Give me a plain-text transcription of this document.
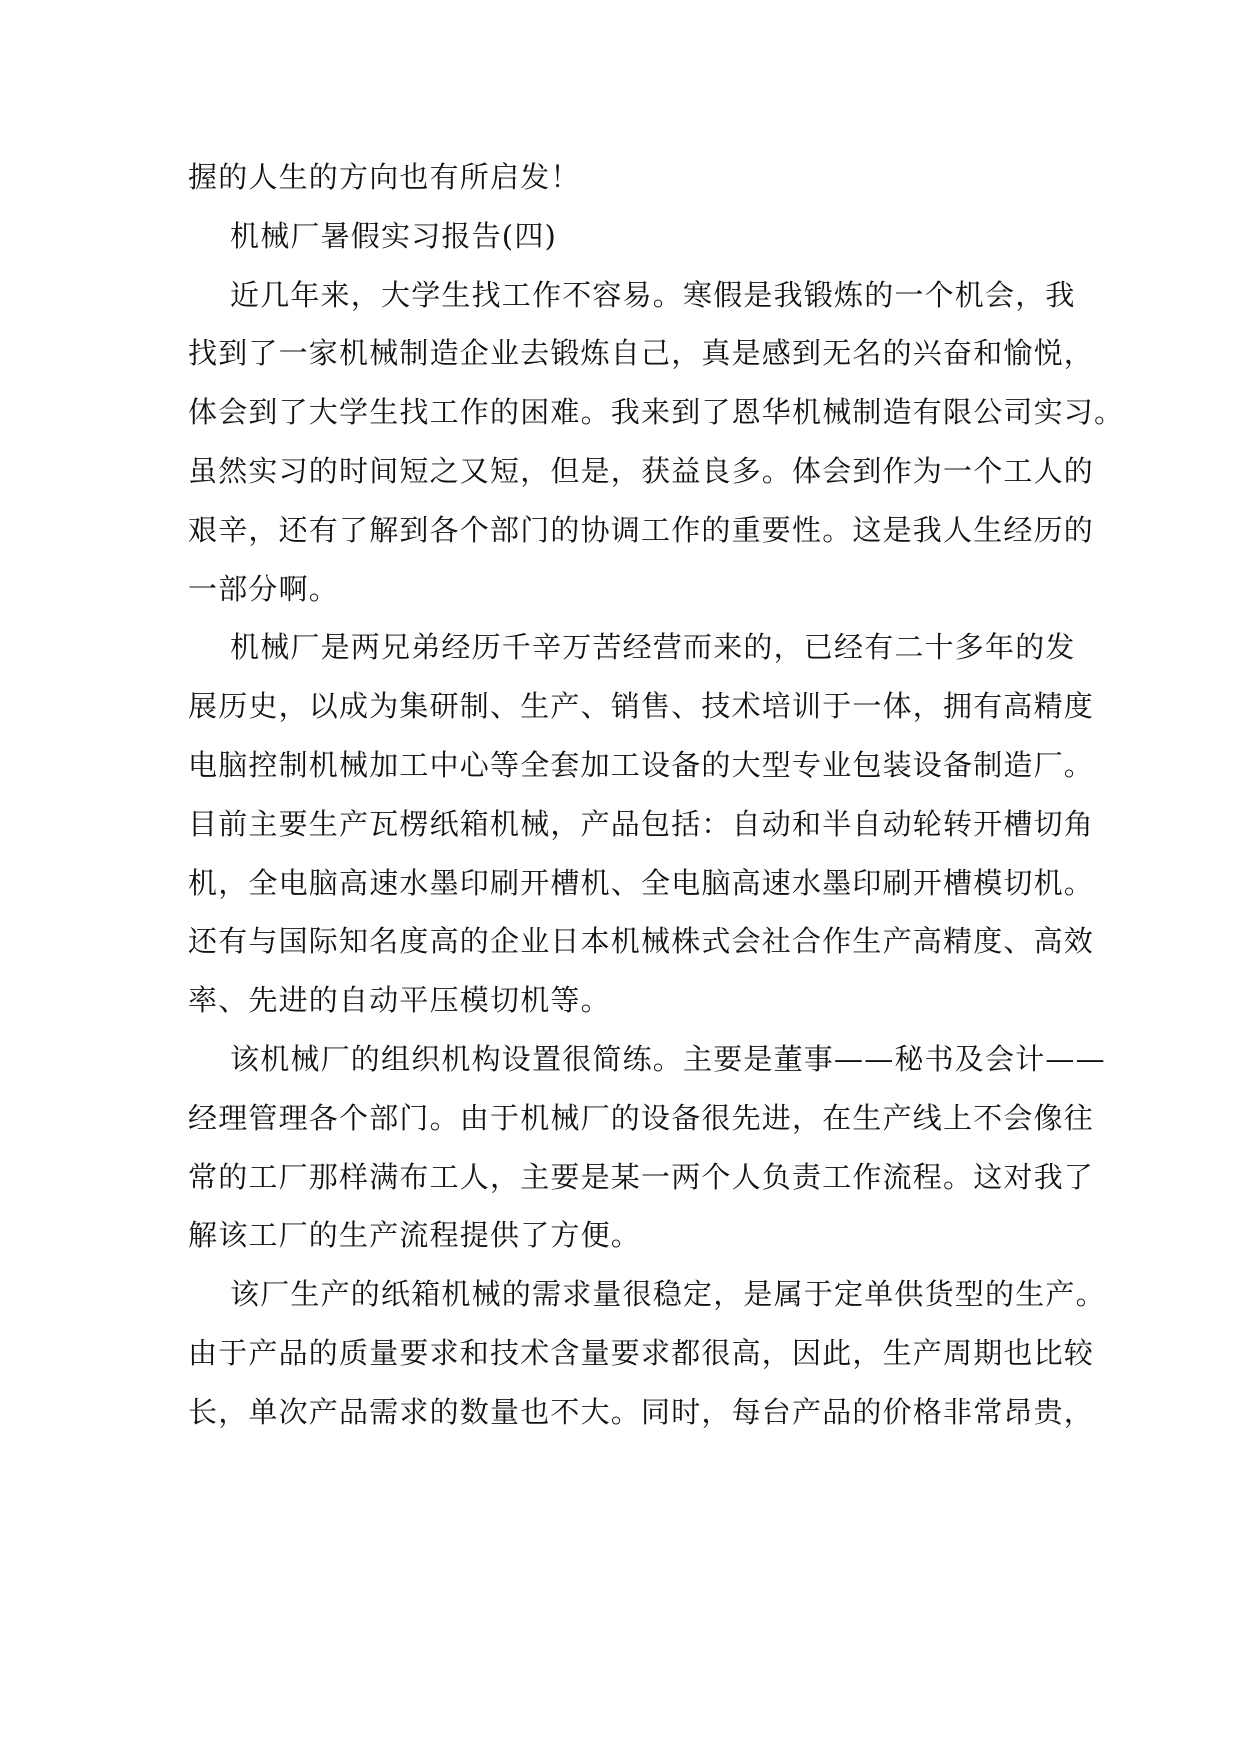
握的人生的方向也有所启发！

机械厂暑假实习报告(四)

近几年来，大学生找工作不容易。寒假是我锻炼的一个机会，我
找到了一家机械制造企业去锻炼自己，真是感到无名的兴奋和愉悦，
体会到了大学生找工作的困难。我来到了恩华机械制造有限公司实习。
虽然实习的时间短之又短，但是，获益良多。体会到作为一个工人的
艰辛，还有了解到各个部门的协调工作的重要性。这是我人生经历的
一部分啊。

机械厂是两兄弟经历千辛万苦经营而来的，已经有二十多年的发
展历史，以成为集研制、生产、销售、技术培训于一体，拥有高精度
电脑控制机械加工中心等全套加工设备的大型专业包装设备制造厂。
目前主要生产瓦楞纸箱机械，产品包括：自动和半自动轮转开槽切角
机，全电脑高速水墨印刷开槽机、全电脑高速水墨印刷开槽模切机。
还有与国际知名度高的企业日本机械株式会社合作生产高精度、高效
率、先进的自动平压模切机等。

该机械厂的组织机构设置很简练。主要是董事——秘书及会计——
经理管理各个部门。由于机械厂的设备很先进，在生产线上不会像往
常的工厂那样满布工人，主要是某一两个人负责工作流程。这对我了
解该工厂的生产流程提供了方便。

该厂生产的纸箱机械的需求量很稳定，是属于定单供货型的生产。
由于产品的质量要求和技术含量要求都很高，因此，生产周期也比较
长，单次产品需求的数量也不大。同时，每台产品的价格非常昂贵，
